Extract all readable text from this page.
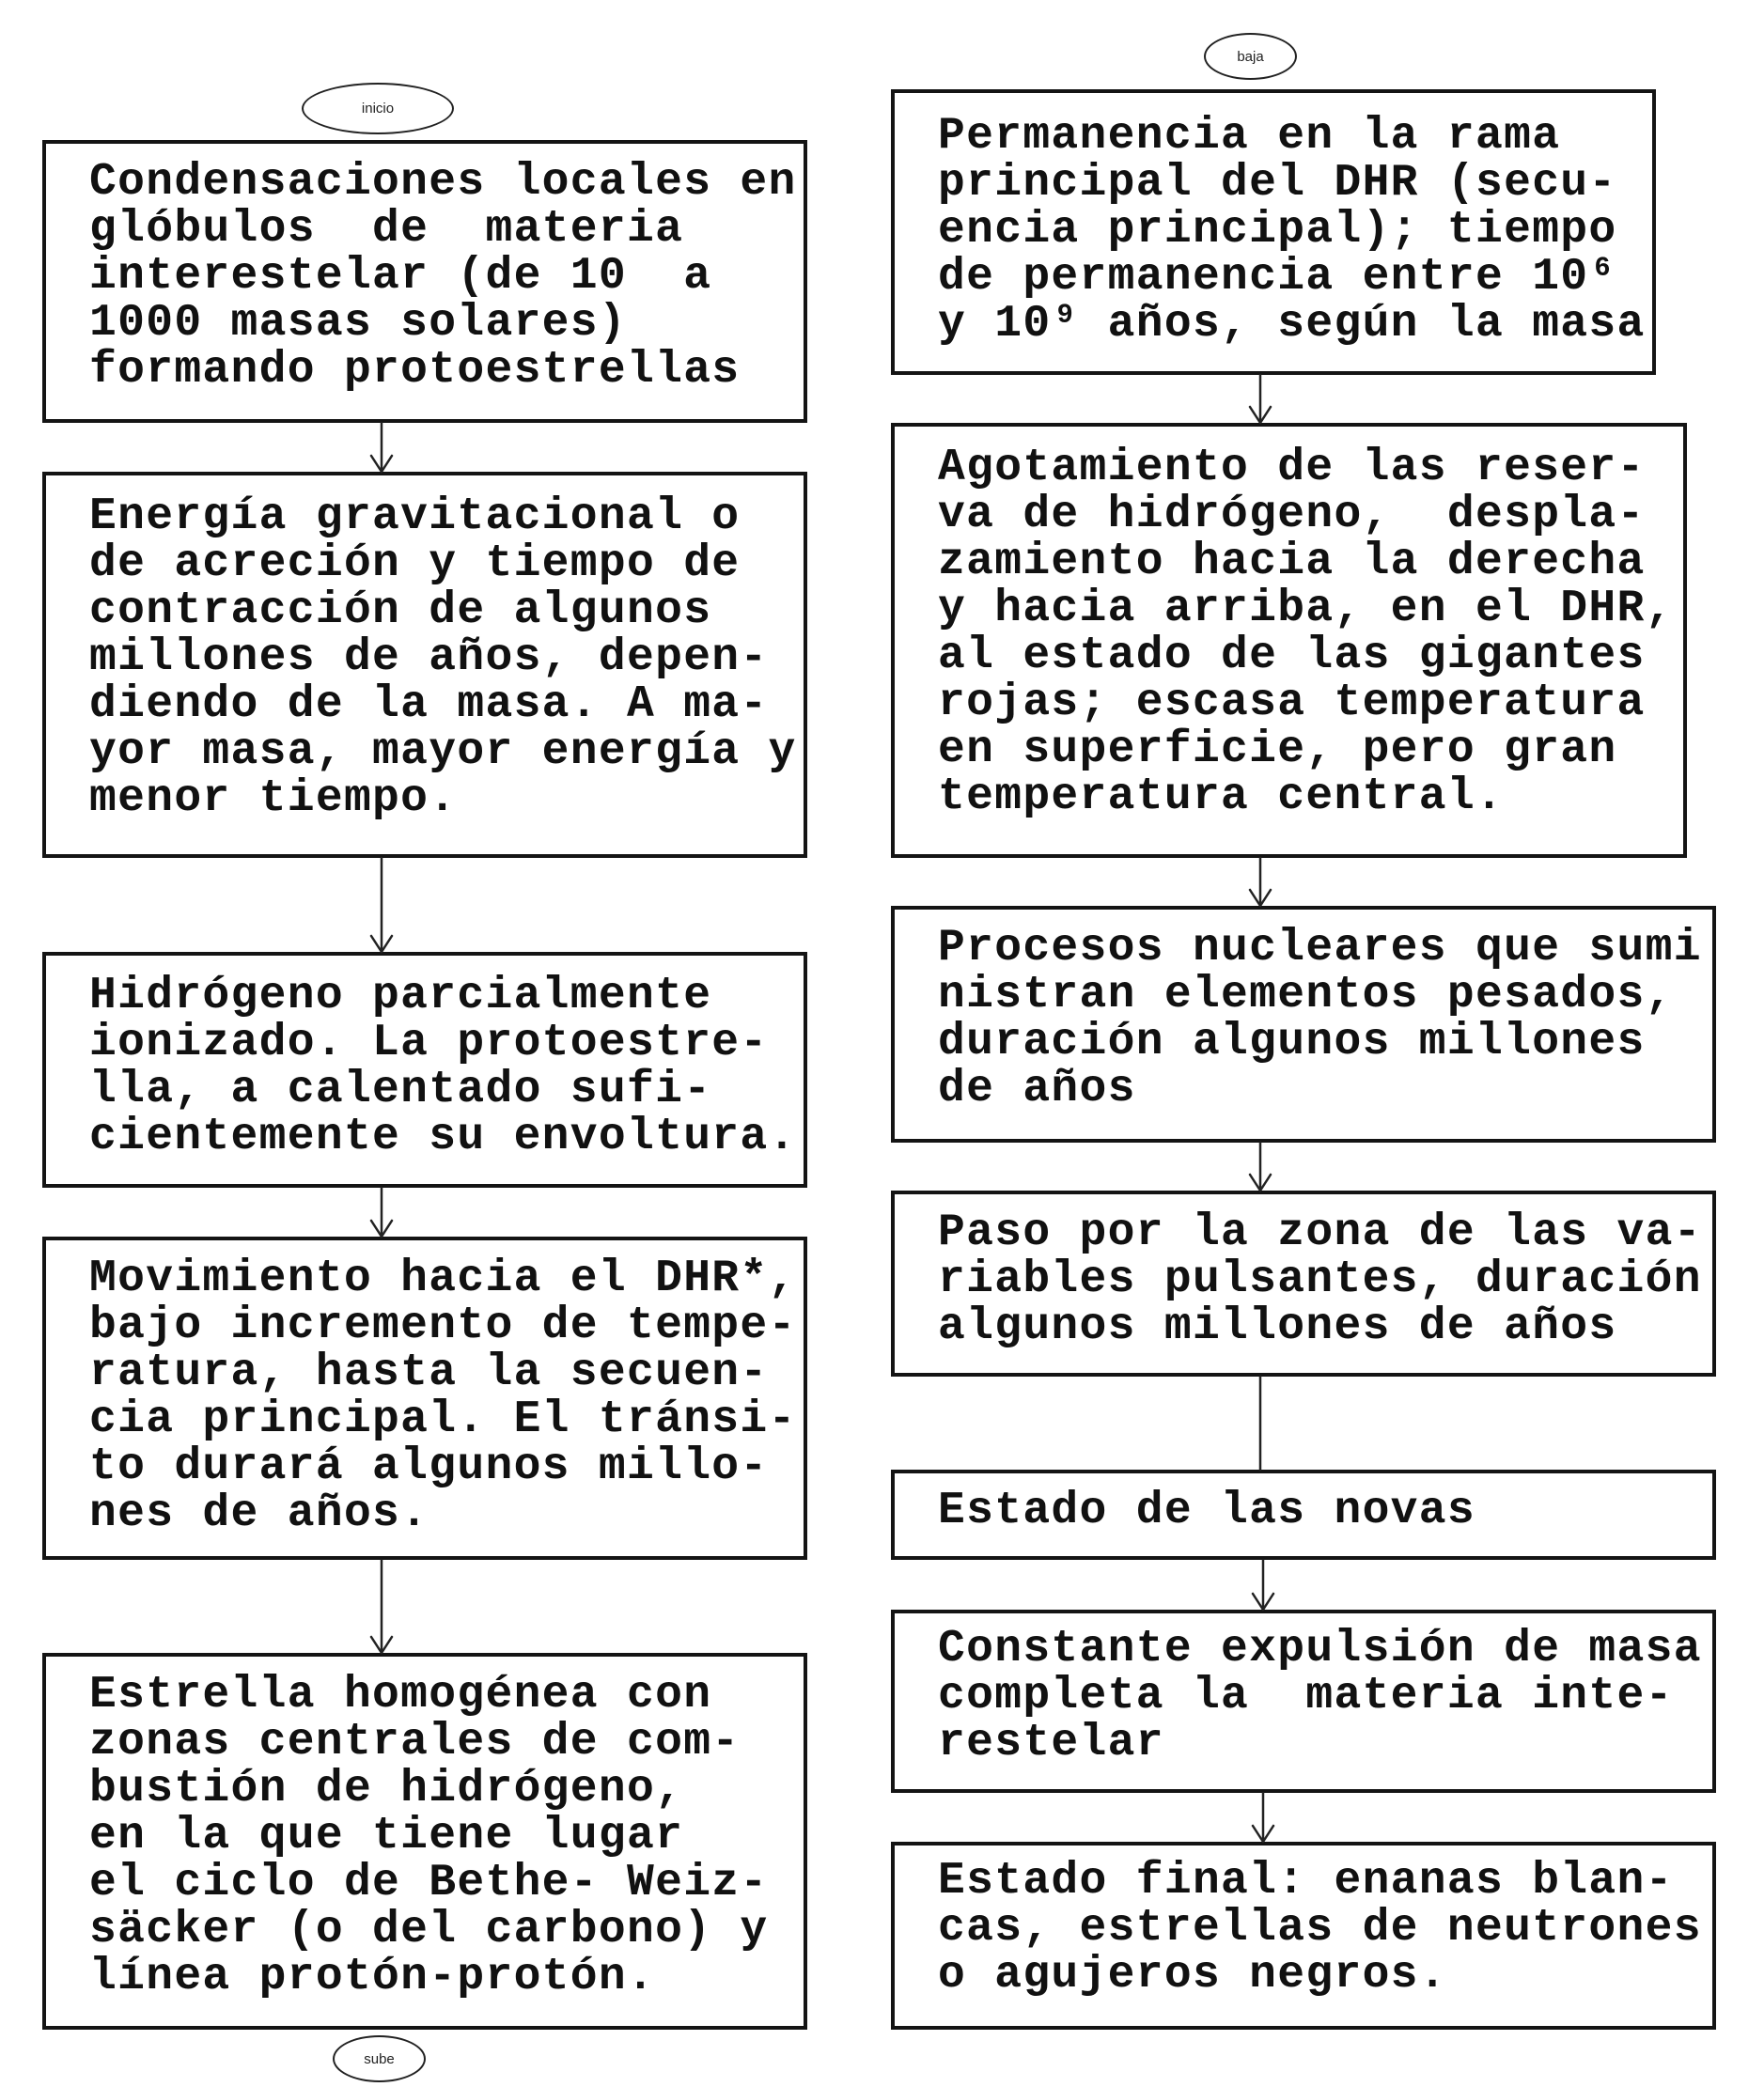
inicio
baja
sube
Condensaciones locales en
glóbulos  de  materia
interestelar (de 10  a
1000 masas solares)
formando protoestrellas
Energía gravitacional o
de acreción y tiempo de
contracción de algunos
millones de años, depen-
diendo de la masa. A ma-
yor masa, mayor energía y
menor tiempo.
Hidrógeno parcialmente
ionizado. La protoestre-
lla, a calentado sufi-
cientemente su envoltura.
Movimiento hacia el DHR*,
bajo incremento de tempe-
ratura, hasta la secuen-
cia principal. El tránsi-
to durará algunos millo-
nes de años.
Estrella homogénea con
zonas centrales de com-
bustión de hidrógeno,
en la que tiene lugar
el ciclo de Bethe- Weiz-
säcker (o del carbono) y
línea protón-protón.
Permanencia en la rama
principal del DHR (secu-
encia principal); tiempo
de permanencia entre 10⁶
y 10⁹ años, según la masa
Agotamiento de las reser-
va de hidrógeno,  despla-
zamiento hacia la derecha
y hacia arriba, en el DHR,
al estado de las gigantes
rojas; escasa temperatura
en superficie, pero gran
temperatura central.
Procesos nucleares que sumi
nistran elementos pesados,
duración algunos millones
de años
Paso por la zona de las va-
riables pulsantes, duración
algunos millones de años
Estado de las novas
Constante expulsión de masa
completa la  materia inte-
restelar
Estado final: enanas blan-
cas, estrellas de neutrones
o agujeros negros.
